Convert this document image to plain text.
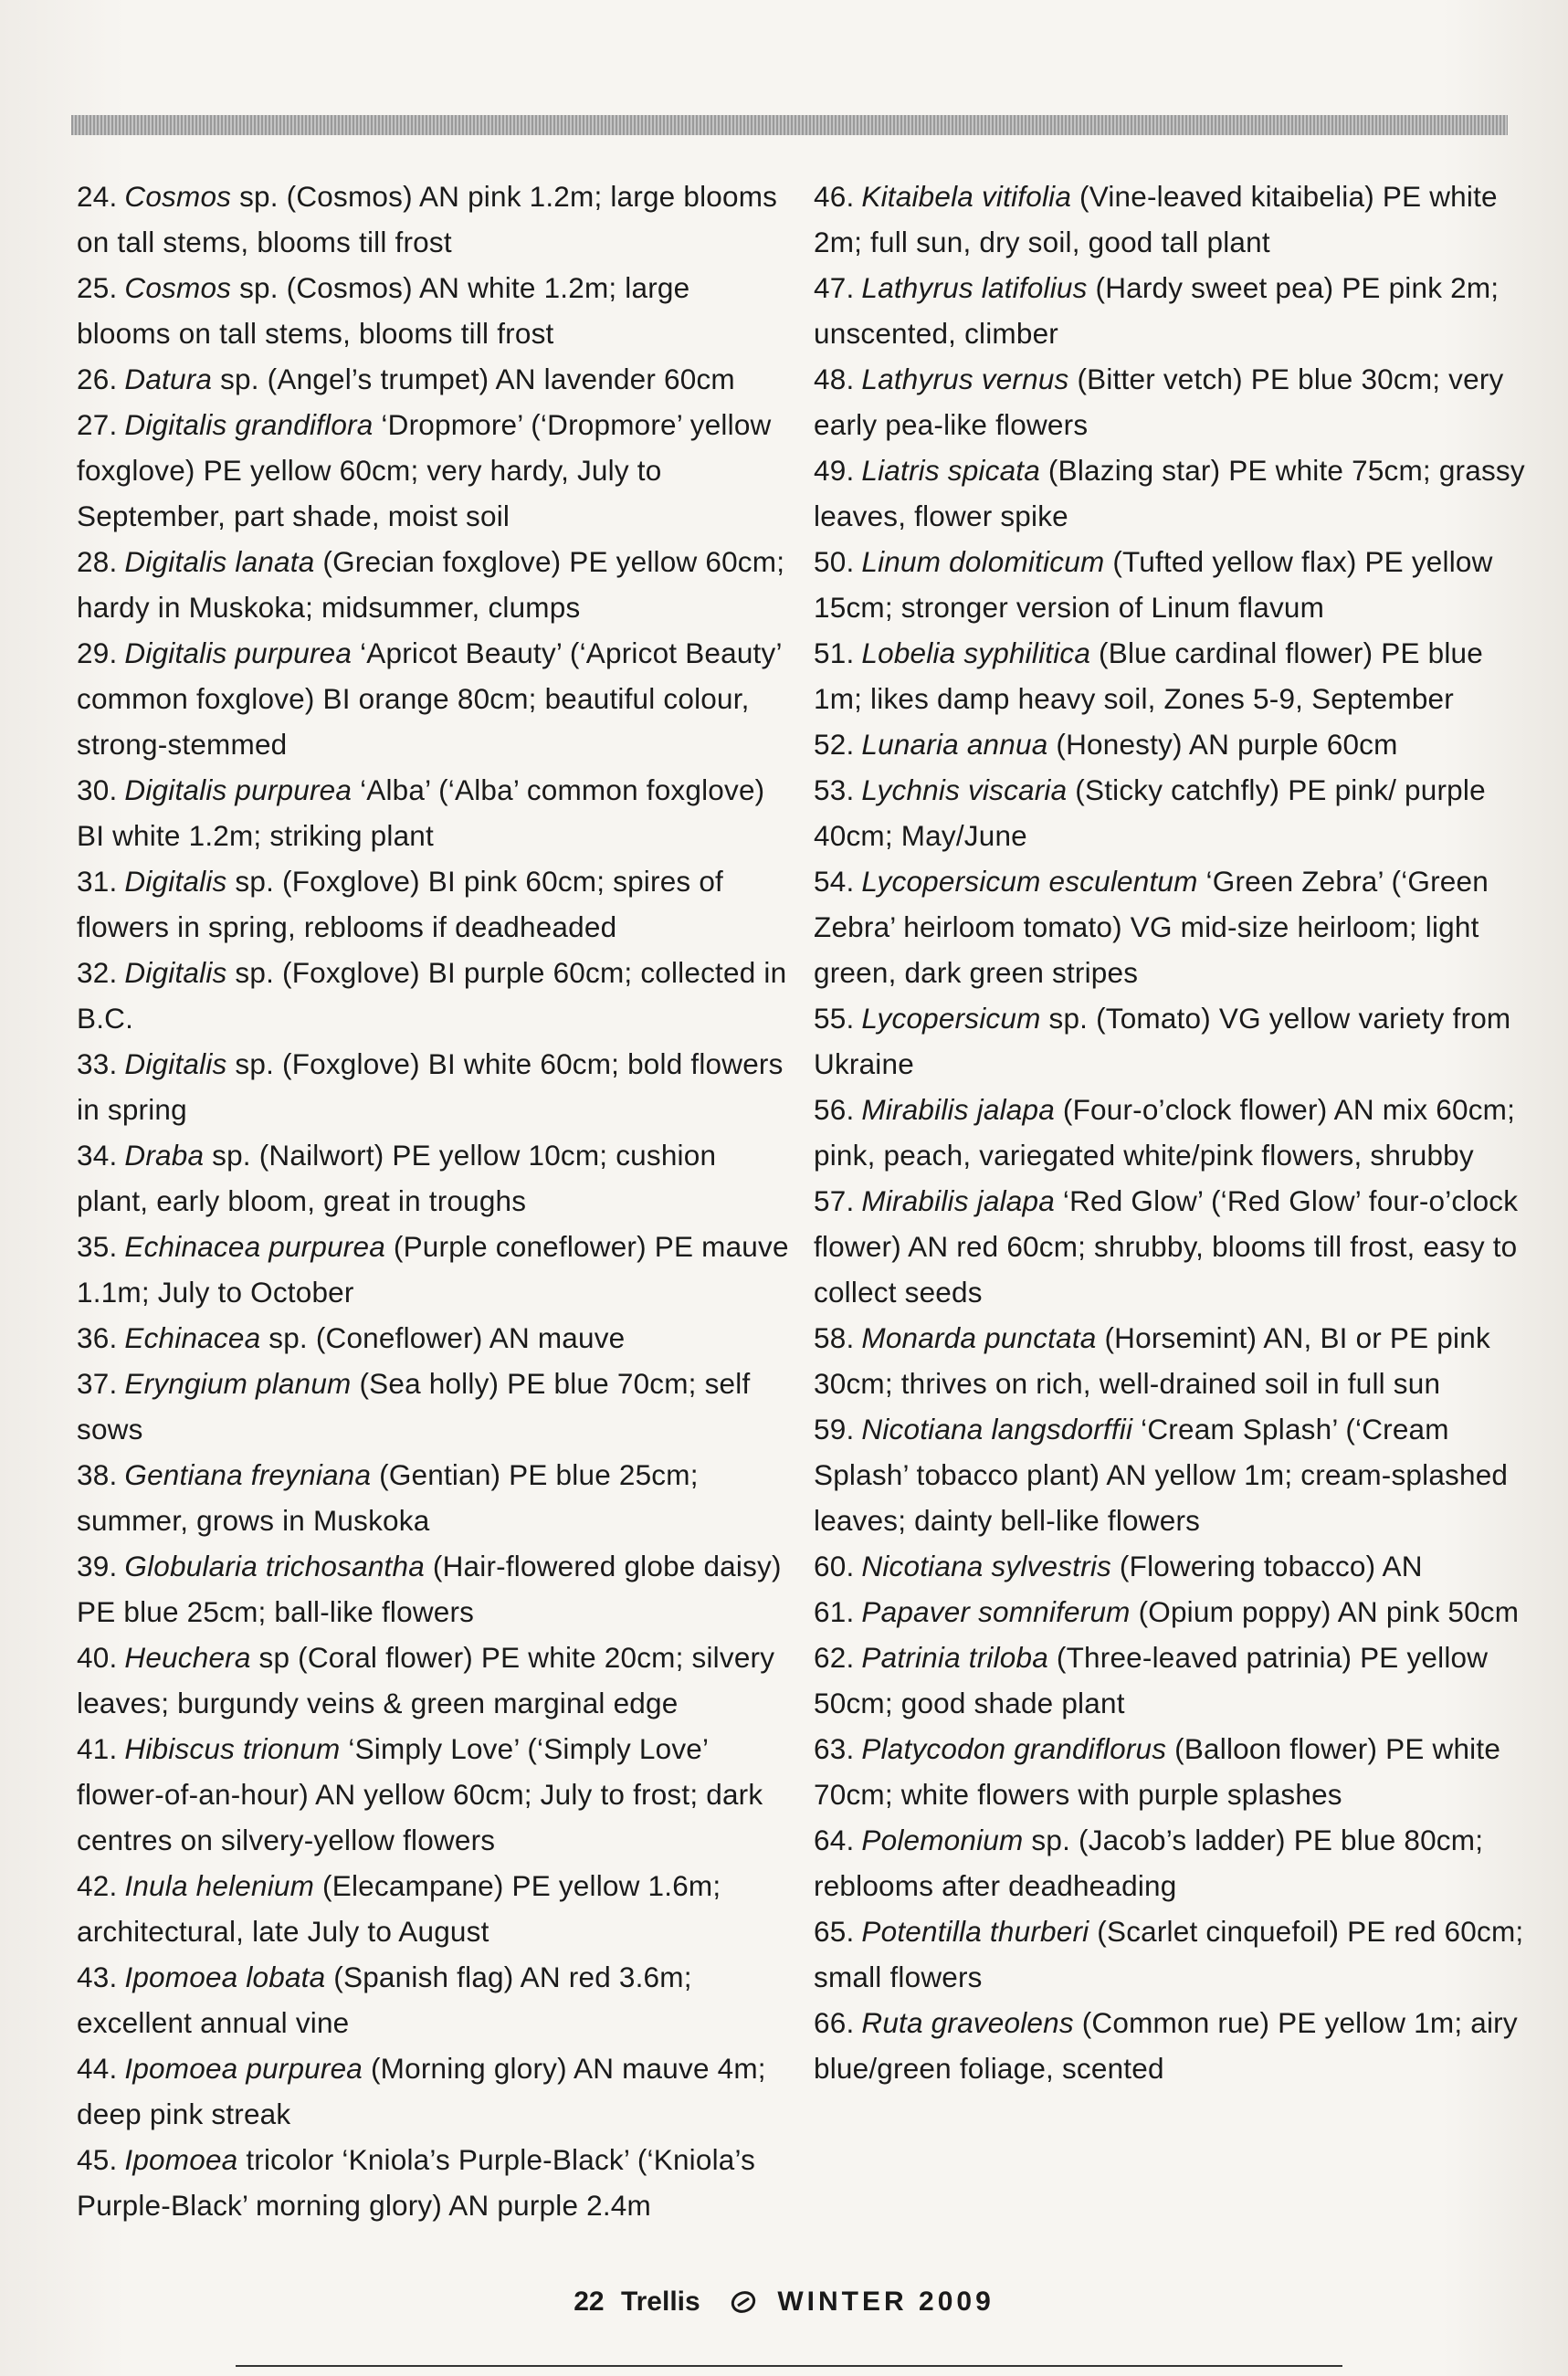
24. Cosmos sp. (Cosmos) AN pink 1.2m; large blooms on tall stems, blooms till frost

25. Cosmos sp. (Cosmos) AN white 1.2m; large blooms on tall stems, blooms till frost

26. Datura sp. (Angel’s trumpet) AN lavender 60cm

27. Digitalis grandiflora ‘Dropmore’ (‘Dropmore’ yellow foxglove) PE yellow 60cm; very hardy, July to September, part shade, moist soil

28. Digitalis lanata (Grecian foxglove) PE yellow 60cm; hardy in Muskoka; midsummer, clumps

29. Digitalis purpurea ‘Apricot Beauty’ (‘Apricot Beauty’ common foxglove) BI orange 80cm; beautiful colour, strong-stemmed

30. Digitalis purpurea ‘Alba’ (‘Alba’ common foxglove) BI white 1.2m; striking plant

31. Digitalis sp. (Foxglove) BI pink 60cm; spires of flowers in spring, reblooms if deadheaded

32. Digitalis sp. (Foxglove) BI purple 60cm; collected in B.C.

33. Digitalis sp. (Foxglove) BI white 60cm; bold flowers in spring

34. Draba sp. (Nailwort) PE yellow 10cm; cushion plant, early bloom, great in troughs

35. Echinacea purpurea (Purple coneflower) PE mauve 1.1m; July to October

36. Echinacea sp. (Coneflower) AN mauve

37. Eryngium planum (Sea holly) PE blue 70cm; self sows

38. Gentiana freyniana (Gentian) PE blue 25cm; summer, grows in Muskoka

39. Globularia trichosantha (Hair-flowered globe daisy) PE blue 25cm; ball-like flowers

40. Heuchera sp (Coral flower) PE white 20cm; silvery leaves; burgundy veins & green marginal edge

41. Hibiscus trionum ‘Simply Love’ (‘Simply Love’ flower-of-an-hour) AN yellow 60cm; July to frost; dark centres on silvery-yellow flowers

42. Inula helenium (Elecampane) PE yellow 1.6m; architectural, late July to August

43. Ipomoea lobata (Spanish flag) AN red 3.6m; excellent annual vine

44. Ipomoea purpurea (Morning glory) AN mauve 4m; deep pink streak

45. Ipomoea tricolor ‘Kniola’s Purple-Black’ (‘Kniola’s Purple-Black’ morning glory) AN purple 2.4m

46. Kitaibela vitifolia (Vine-leaved kitaibelia) PE white 2m; full sun, dry soil, good tall plant

47. Lathyrus latifolius (Hardy sweet pea) PE pink 2m; unscented, climber

48. Lathyrus vernus (Bitter vetch) PE blue 30cm; very early pea-like flowers

49. Liatris spicata (Blazing star) PE white 75cm; grassy leaves, flower spike

50. Linum dolomiticum (Tufted yellow flax) PE yellow 15cm; stronger version of Linum flavum

51. Lobelia syphilitica (Blue cardinal flower) PE blue 1m; likes damp heavy soil, Zones 5-9, September

52. Lunaria annua (Honesty) AN purple 60cm

53. Lychnis viscaria (Sticky catchfly) PE pink/ purple 40cm; May/June

54. Lycopersicum esculentum ‘Green Zebra’ (‘Green Zebra’ heirloom tomato) VG mid-size heirloom; light green, dark green stripes

55. Lycopersicum sp. (Tomato) VG yellow variety from Ukraine

56. Mirabilis jalapa (Four-o’clock flower) AN mix 60cm; pink, peach, variegated white/pink flowers, shrubby

57. Mirabilis jalapa ‘Red Glow’ (‘Red Glow’ four-o’clock flower) AN red 60cm; shrubby, blooms till frost, easy to collect seeds

58. Monarda punctata (Horsemint) AN, BI or PE pink 30cm; thrives on rich, well-drained soil in full sun

59. Nicotiana langsdorffii ‘Cream Splash’ (‘Cream Splash’ tobacco plant) AN yellow 1m; cream-splashed leaves; dainty bell-like flowers

60. Nicotiana sylvestris (Flowering tobacco) AN

61. Papaver somniferum (Opium poppy) AN pink 50cm

62. Patrinia triloba (Three-leaved patrinia) PE yellow 50cm; good shade plant

63. Platycodon grandiflorus (Balloon flower) PE white 70cm; white flowers with purple splashes

64. Polemonium sp. (Jacob’s ladder) PE blue 80cm; reblooms after deadheading

65. Potentilla thurberi (Scarlet cinquefoil) PE red 60cm; small flowers

66. Ruta graveolens (Common rue) PE yellow 1m; airy blue/green foliage, scented

22 Trellis	WINTER 2009
